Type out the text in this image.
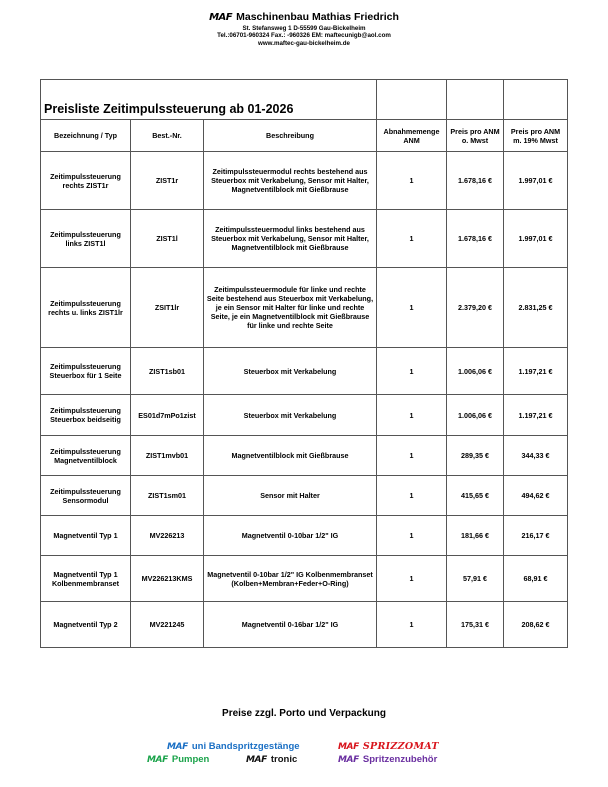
MAF Maschinenbau Mathias Friedrich
St. Stefansweg 1 D-55599 Gau-Bickelheim
Tel.:06701-960324 Fax.: -960326 EM: maftecunigb@aol.com
www.maftec-gau-bickelheim.de
Preisliste Zeitimpulssteuerung ab 01-2026					
Bezeichnung / Typ	Best.-Nr.	Beschreibung	Abnahmemenge ANM	Preis pro ANM o. Mwst	Preis pro ANM m. 19% Mwst
Zeitimpulssteuerung rechts ZIST1r	ZIST1r	Zeitimpulssteuermodul rechts bestehend aus Steuerbox mit Verkabelung, Sensor mit Halter, Magnetventilblock mit Gießbrause	1	1.678,16 €	1.997,01 €
Zeitimpulssteuerung links ZIST1l	ZIST1l	Zeitimpulssteuermodul links bestehend aus Steuerbox mit Verkabelung, Sensor mit Halter, Magnetventilblock mit Gießbrause	1	1.678,16 €	1.997,01 €
Zeitimpulssteuerung rechts u. links ZIST1lr	ZSIT1lr	Zeitimpulssteuermodule für linke und rechte Seite bestehend aus Steuerbox mit Verkabelung, je ein Sensor mit Halter für linke und rechte Seite, je ein Magnetventilblock mit Gießbrause für linke und rechte Seite	1	2.379,20 €	2.831,25 €
Zeitimpulssteuerung Steuerbox für 1 Seite	ZIST1sb01	Steuerbox mit Verkabelung	1	1.006,06 €	1.197,21 €
Zeitimpulssteuerung Steuerbox beidseitig	ES01d7mPo1zist	Steuerbox mit Verkabelung	1	1.006,06 €	1.197,21 €
Zeitimpulssteuerung Magnetventilblock	ZIST1mvb01	Magnetventilblock mit Gießbrause	1	289,35 €	344,33 €
Zeitimpulssteuerung Sensormodul	ZIST1sm01	Sensor mit Halter	1	415,65 €	494,62 €
Magnetventil Typ 1	MV226213	Magnetventil 0-10bar 1/2" IG	1	181,66 €	216,17 €
Magnetventil Typ 1 Kolbenmembranset	MV226213KMS	Magnetventil 0-10bar 1/2" IG Kolbenmembranset (Kolben+Membran+Feder+O-Ring)	1	57,91 €	68,91 €
Magnetventil Typ 2	MV221245	Magnetventil 0-16bar 1/2" IG	1	175,31 €	208,62 €
Preise zzgl. Porto und Verpackung
MAF uni Bandspritzgestänge	MAF SPRIZZOMAT
MAF Pumpen	MAF tronic	MAF Spritzenzubehör
